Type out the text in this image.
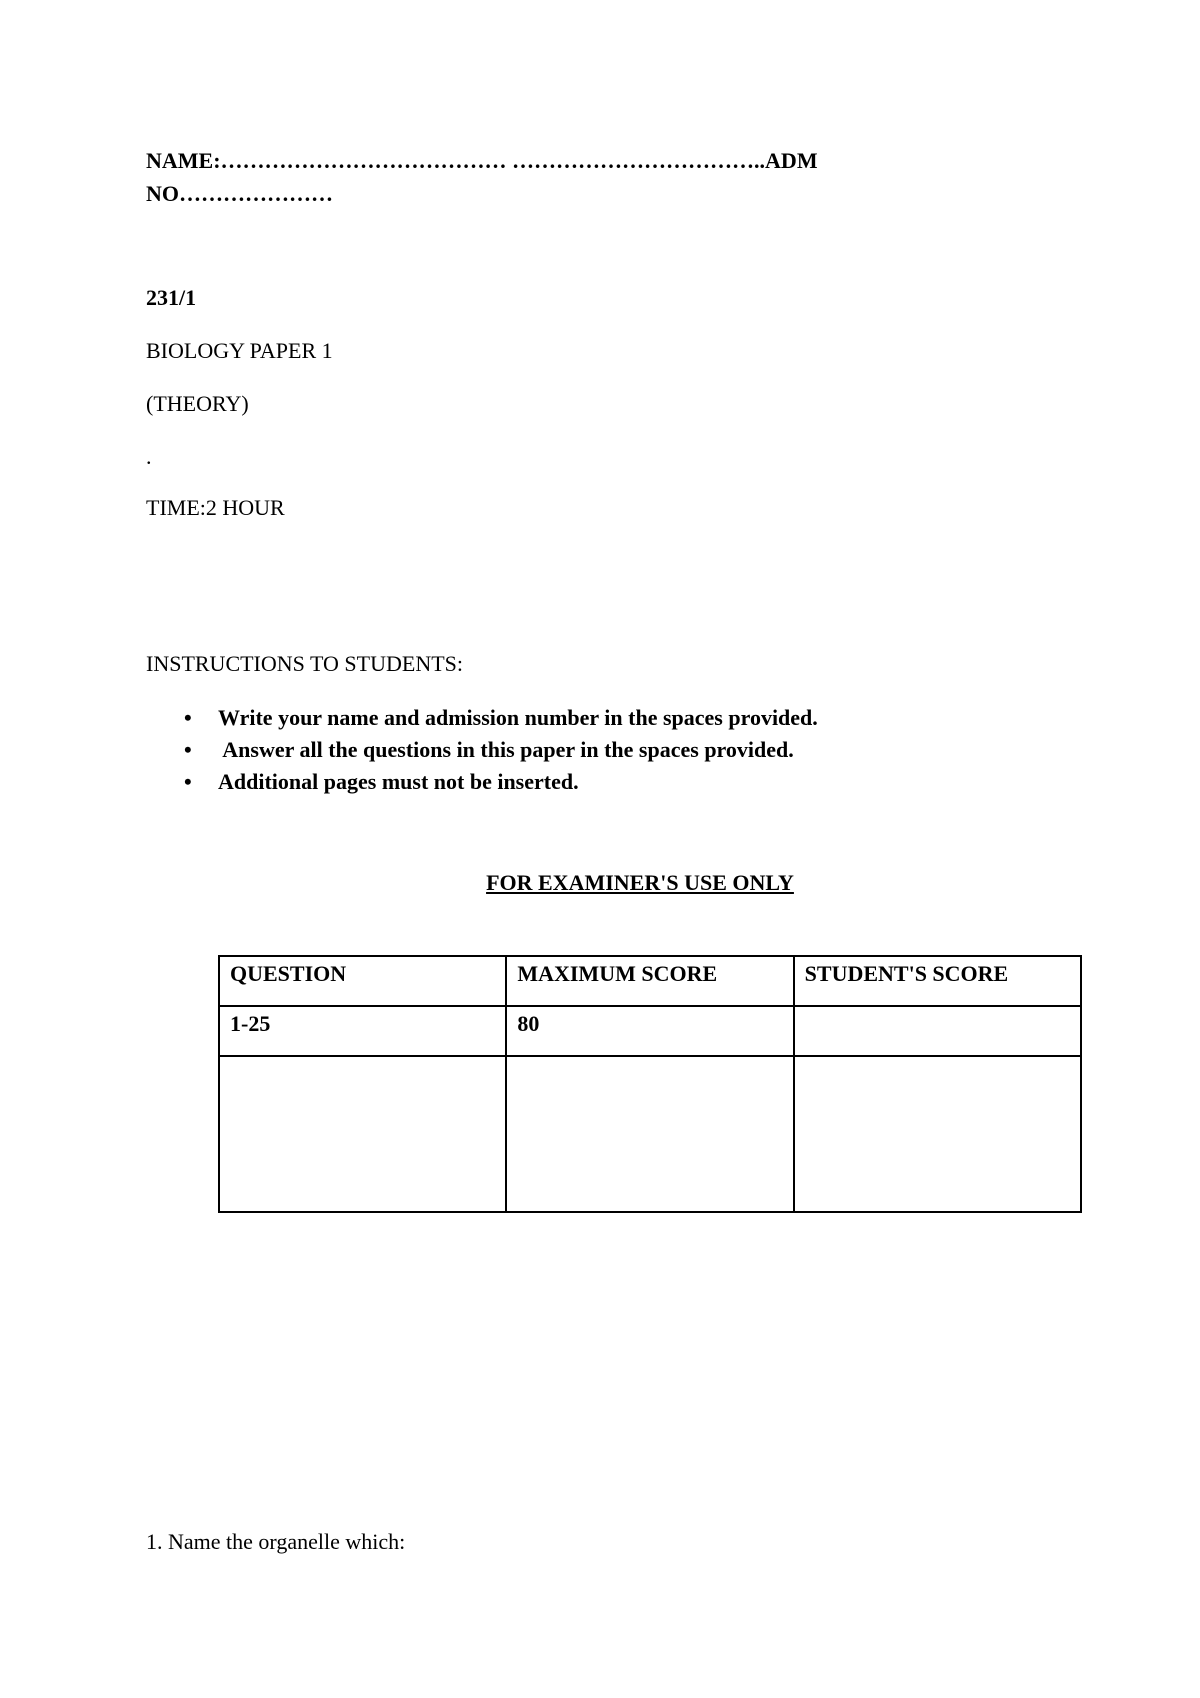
NAME:………………………………… ……………………………..ADM
NO…………………
231/1
BIOLOGY PAPER 1
(THEORY)
.
TIME:2 HOUR
INSTRUCTIONS TO STUDENTS:
• Write your name and admission number in the spaces provided.
• Answer all the questions in this paper in the spaces provided.
• Additional pages must not be inserted.
FOR EXAMINER'S USE ONLY
QUESTION	MAXIMUM SCORE	STUDENT'S SCORE
1-25	80	

1. Name the organelle which:
